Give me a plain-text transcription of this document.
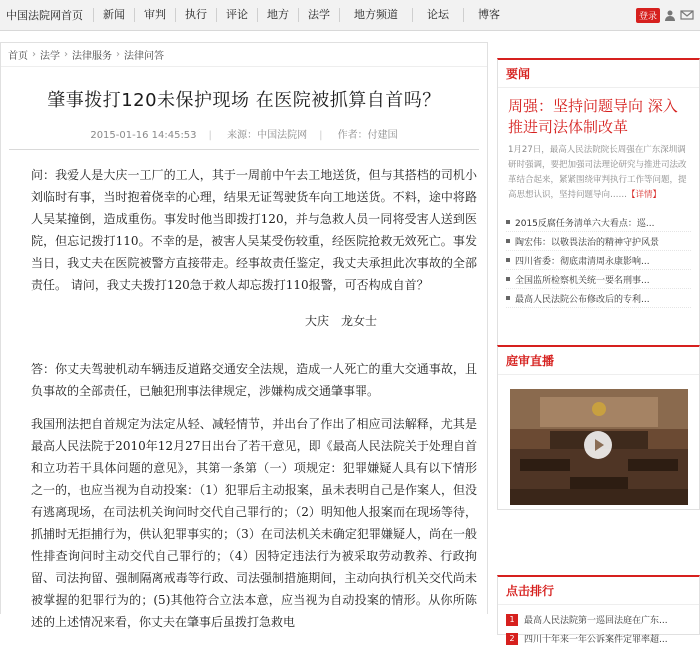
中国法院网首页	新闻	审判	执行	评论	地方	法学	地方频道	论坛	博客	登录
首页 › 法学 › 法律服务 › 法律问答
肇事拨打120未保护现场 在医院被抓算自首吗？
2015-01-16 14:45:53 | 来源：中国法院网 | 作者：付建国

问：我爱人是大庆一工厂的工人，其于一周前中午去工地送货，但与其搭档的司机小刘临时有事，当时抱着侥幸的心理，结果无证驾驶货车向工地送货。不料，途中将路人吴某撞倒，造成重伤。事发时他当即拨打120，并与急救人员一同将受害人送到医院，但忘记拨打110。不幸的是，被害人吴某受伤较重，经医院抢救无效死亡。事发当日，我丈夫在医院被警方直接带走。经事故责任鉴定，我丈夫承担此次事故的全部责任。 请问，我丈夫拨打120急于救人却忘拨打110报警，可否构成自首？

大庆　龙女士

答：你丈夫驾驶机动车辆违反道路交通安全法规，造成一人死亡的重大交通事故，且负事故的全部责任，已触犯刑事法律规定，涉嫌构成交通肇事罪。

我国刑法把自首规定为法定从轻、减轻情节，并出台了作出了相应司法解释，尤其是最高人民法院于2010年12月27日出台了若干意见，即《最高人民法院关于处理自首和立功若干具体问题的意见》，其第一条第（一）项规定：犯罪嫌疑人具有以下情形之一的，也应当视为自动投案：（1）犯罪后主动报案，虽未表明自己是作案人，但没有逃离现场，在司法机关询问时交代自己罪行的；（2）明知他人报案而在现场等待，抓捕时无拒捕行为，供认犯罪事实的；（3）在司法机关未确定犯罪嫌疑人，尚在一般性排查询问时主动交代自己罪行的；（4）因特定违法行为被采取劳动教养、行政拘留、司法拘留、强制隔离戒毒等行政、司法强制措施期间，主动向执行机关交代尚未被掌握的犯罪行为的；(5)其他符合立法本意，应当视为自动投案的情形。从你所陈述的上述情况来看，你丈夫在肇事后虽拨打急救电

要闻
周强：坚持问题导向 深入推进司法体制改革
1月27日，最高人民法院院长周强在广东深圳调研时强调，要把加强司法理论研究与推进司法改革结合起来，紧紧围绕审判执行工作等问题，提高思想认识，坚持问题导向……【详情】
2015反腐任务清单六大看点：巡...
陶宏伟：以敬畏法治的精神守护风景
四川省委：彻底肃清周永康影响...
全国监所检察机关统一要名刑事...
最高人民法院公布修改后的专利...
庭审直播
点击排行
1	最高人民法院第一巡回法庭在广东...
2	四川十年来一年公诉案件定罪率超...
